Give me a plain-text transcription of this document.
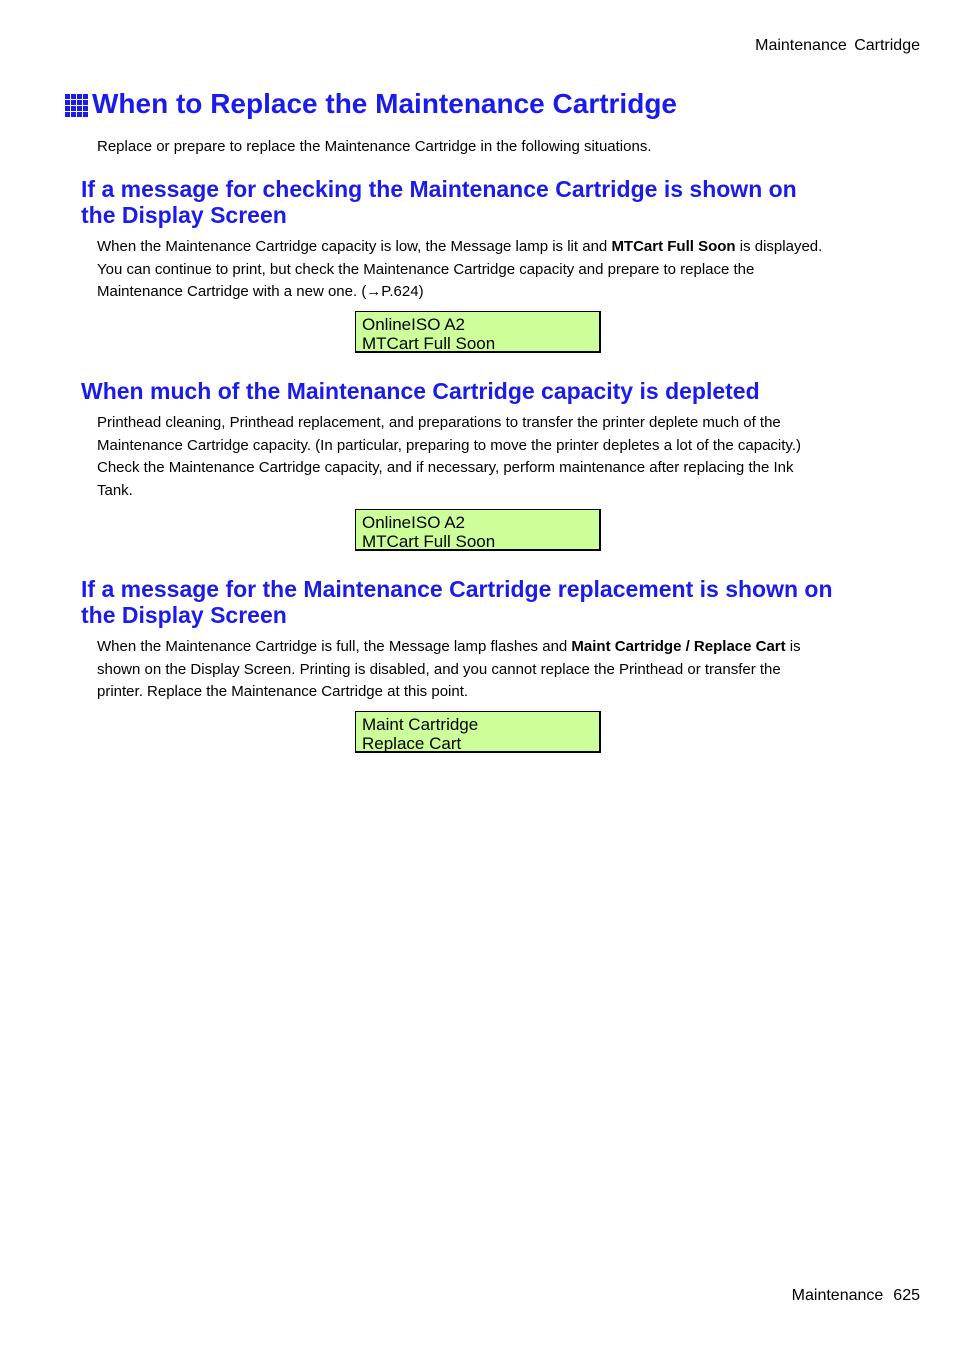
Maintenance Cartridge
When to Replace the Maintenance Cartridge

Replace or prepare to replace the Maintenance Cartridge in the following situations.

If a message for checking the Maintenance Cartridge is shown on
the Display Screen
When the Maintenance Cartridge capacity is low, the Message lamp is lit and MTCart Full Soon is displayed.
You can continue to print, but check the Maintenance Cartridge capacity and prepare to replace the
Maintenance Cartridge with a new one. (→P.624)
OnlineISO A2
MTCart Full Soon
When much of the Maintenance Cartridge capacity is depleted
Printhead cleaning, Printhead replacement, and preparations to transfer the printer deplete much of the
Maintenance Cartridge capacity. (In particular, preparing to move the printer depletes a lot of the capacity.)
Check the Maintenance Cartridge capacity, and if necessary, perform maintenance after replacing the Ink
Tank.
OnlineISO A2
MTCart Full Soon
If a message for the Maintenance Cartridge replacement is shown on
the Display Screen
When the Maintenance Cartridge is full, the Message lamp flashes and Maint Cartridge / Replace Cart is
shown on the Display Screen. Printing is disabled, and you cannot replace the Printhead or transfer the
printer. Replace the Maintenance Cartridge at this point.
Maint Cartridge
Replace Cart
Maintenance 625
